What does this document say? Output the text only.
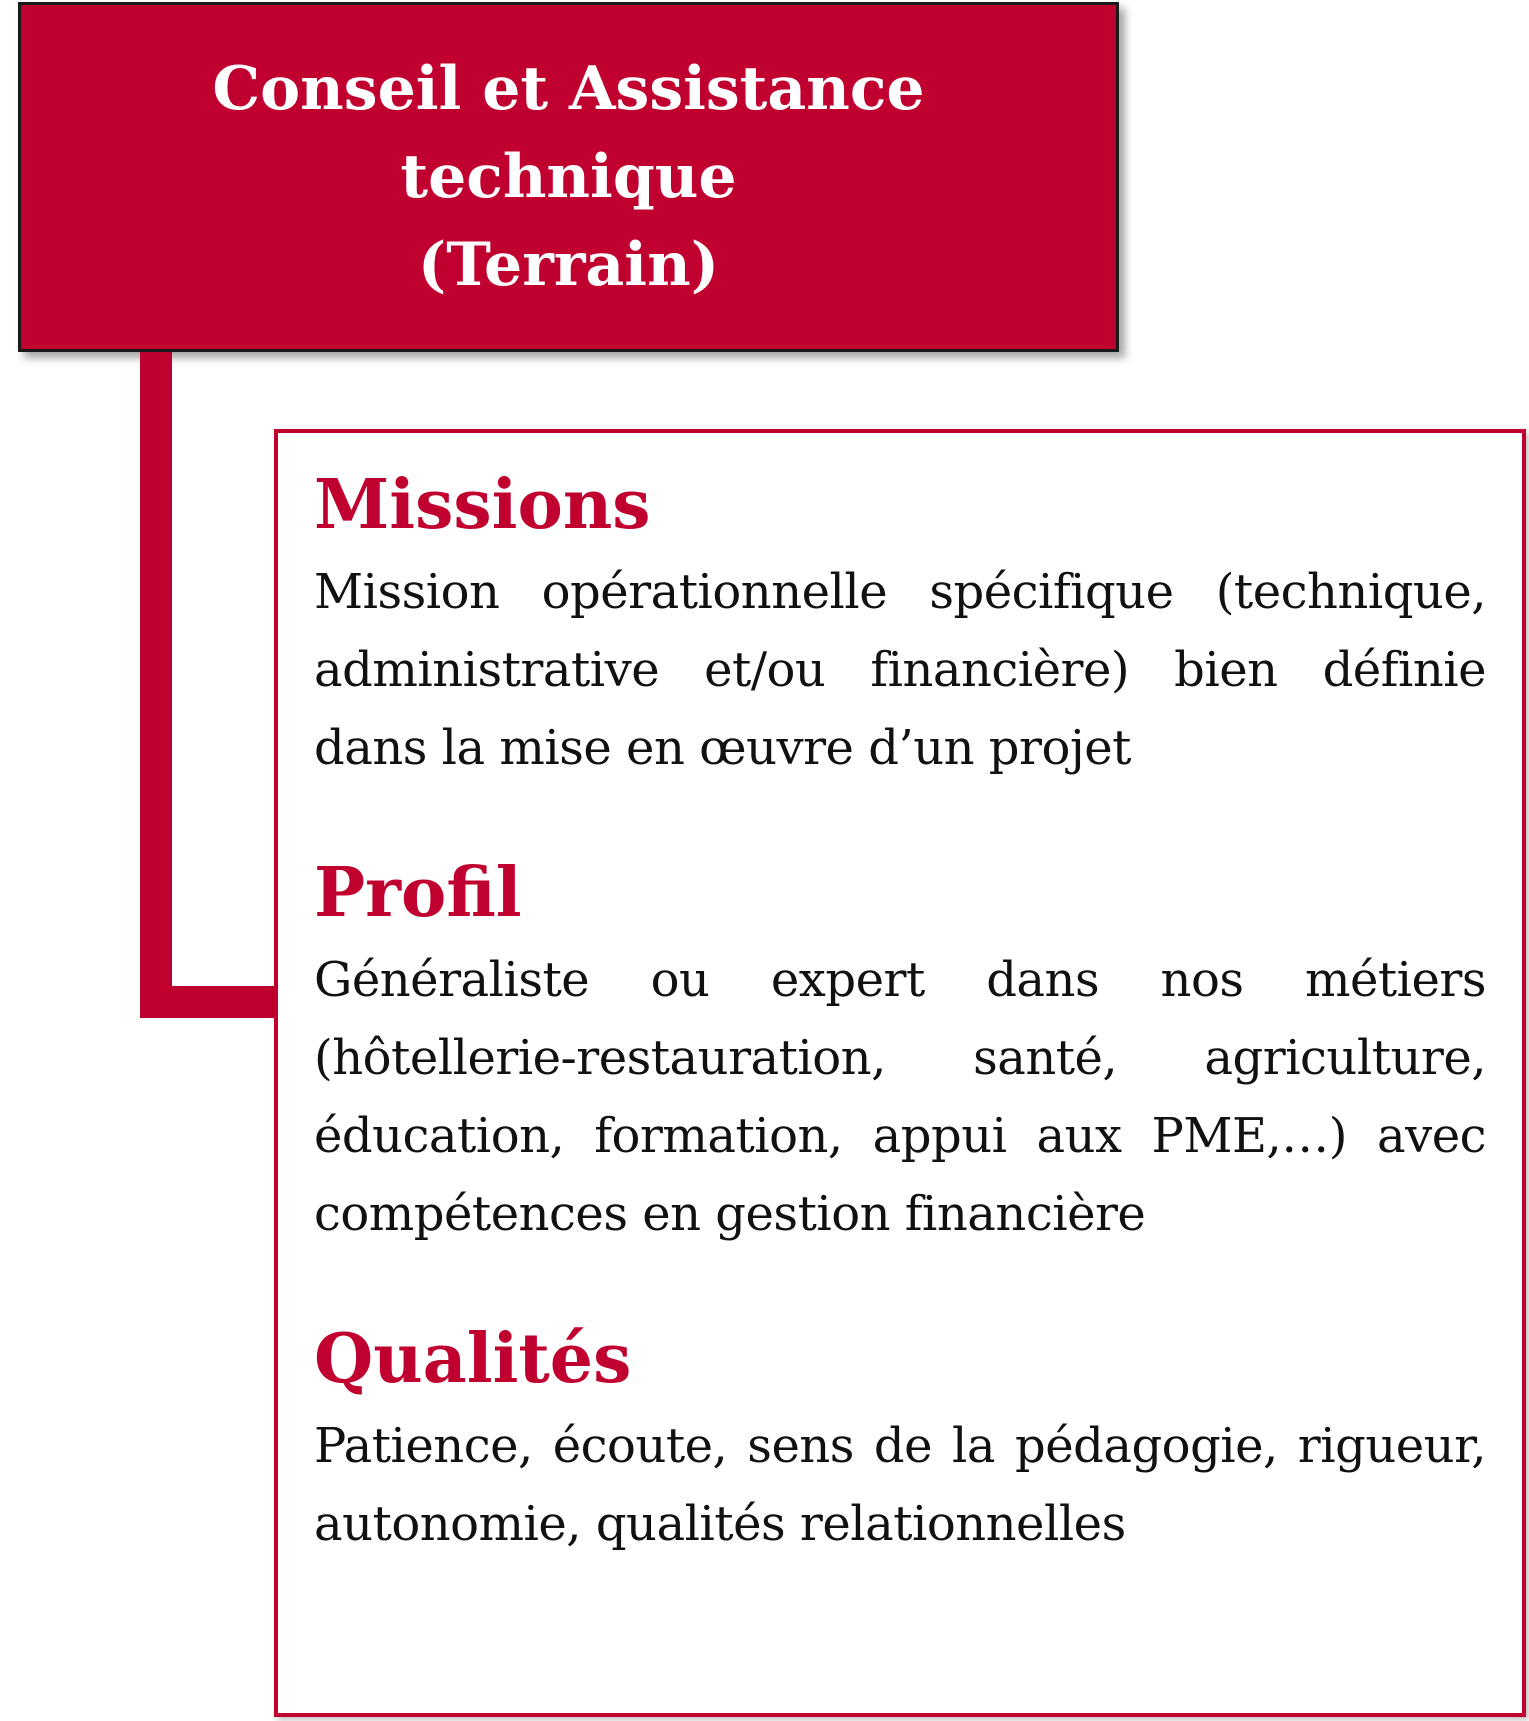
Conseil et Assistance technique
(Terrain)
Missions

Mission opérationnelle spécifique (technique, administrative et/ou financière) bien définie dans la mise en œuvre d’un projet

Profil

Généraliste ou expert dans nos métiers (hôtellerie-restauration, santé, agriculture, éducation, formation, appui aux PME,…) avec compétences en gestion financière

Qualités

Patience, écoute, sens de la pédagogie, rigueur, autonomie, qualités relationnelles
